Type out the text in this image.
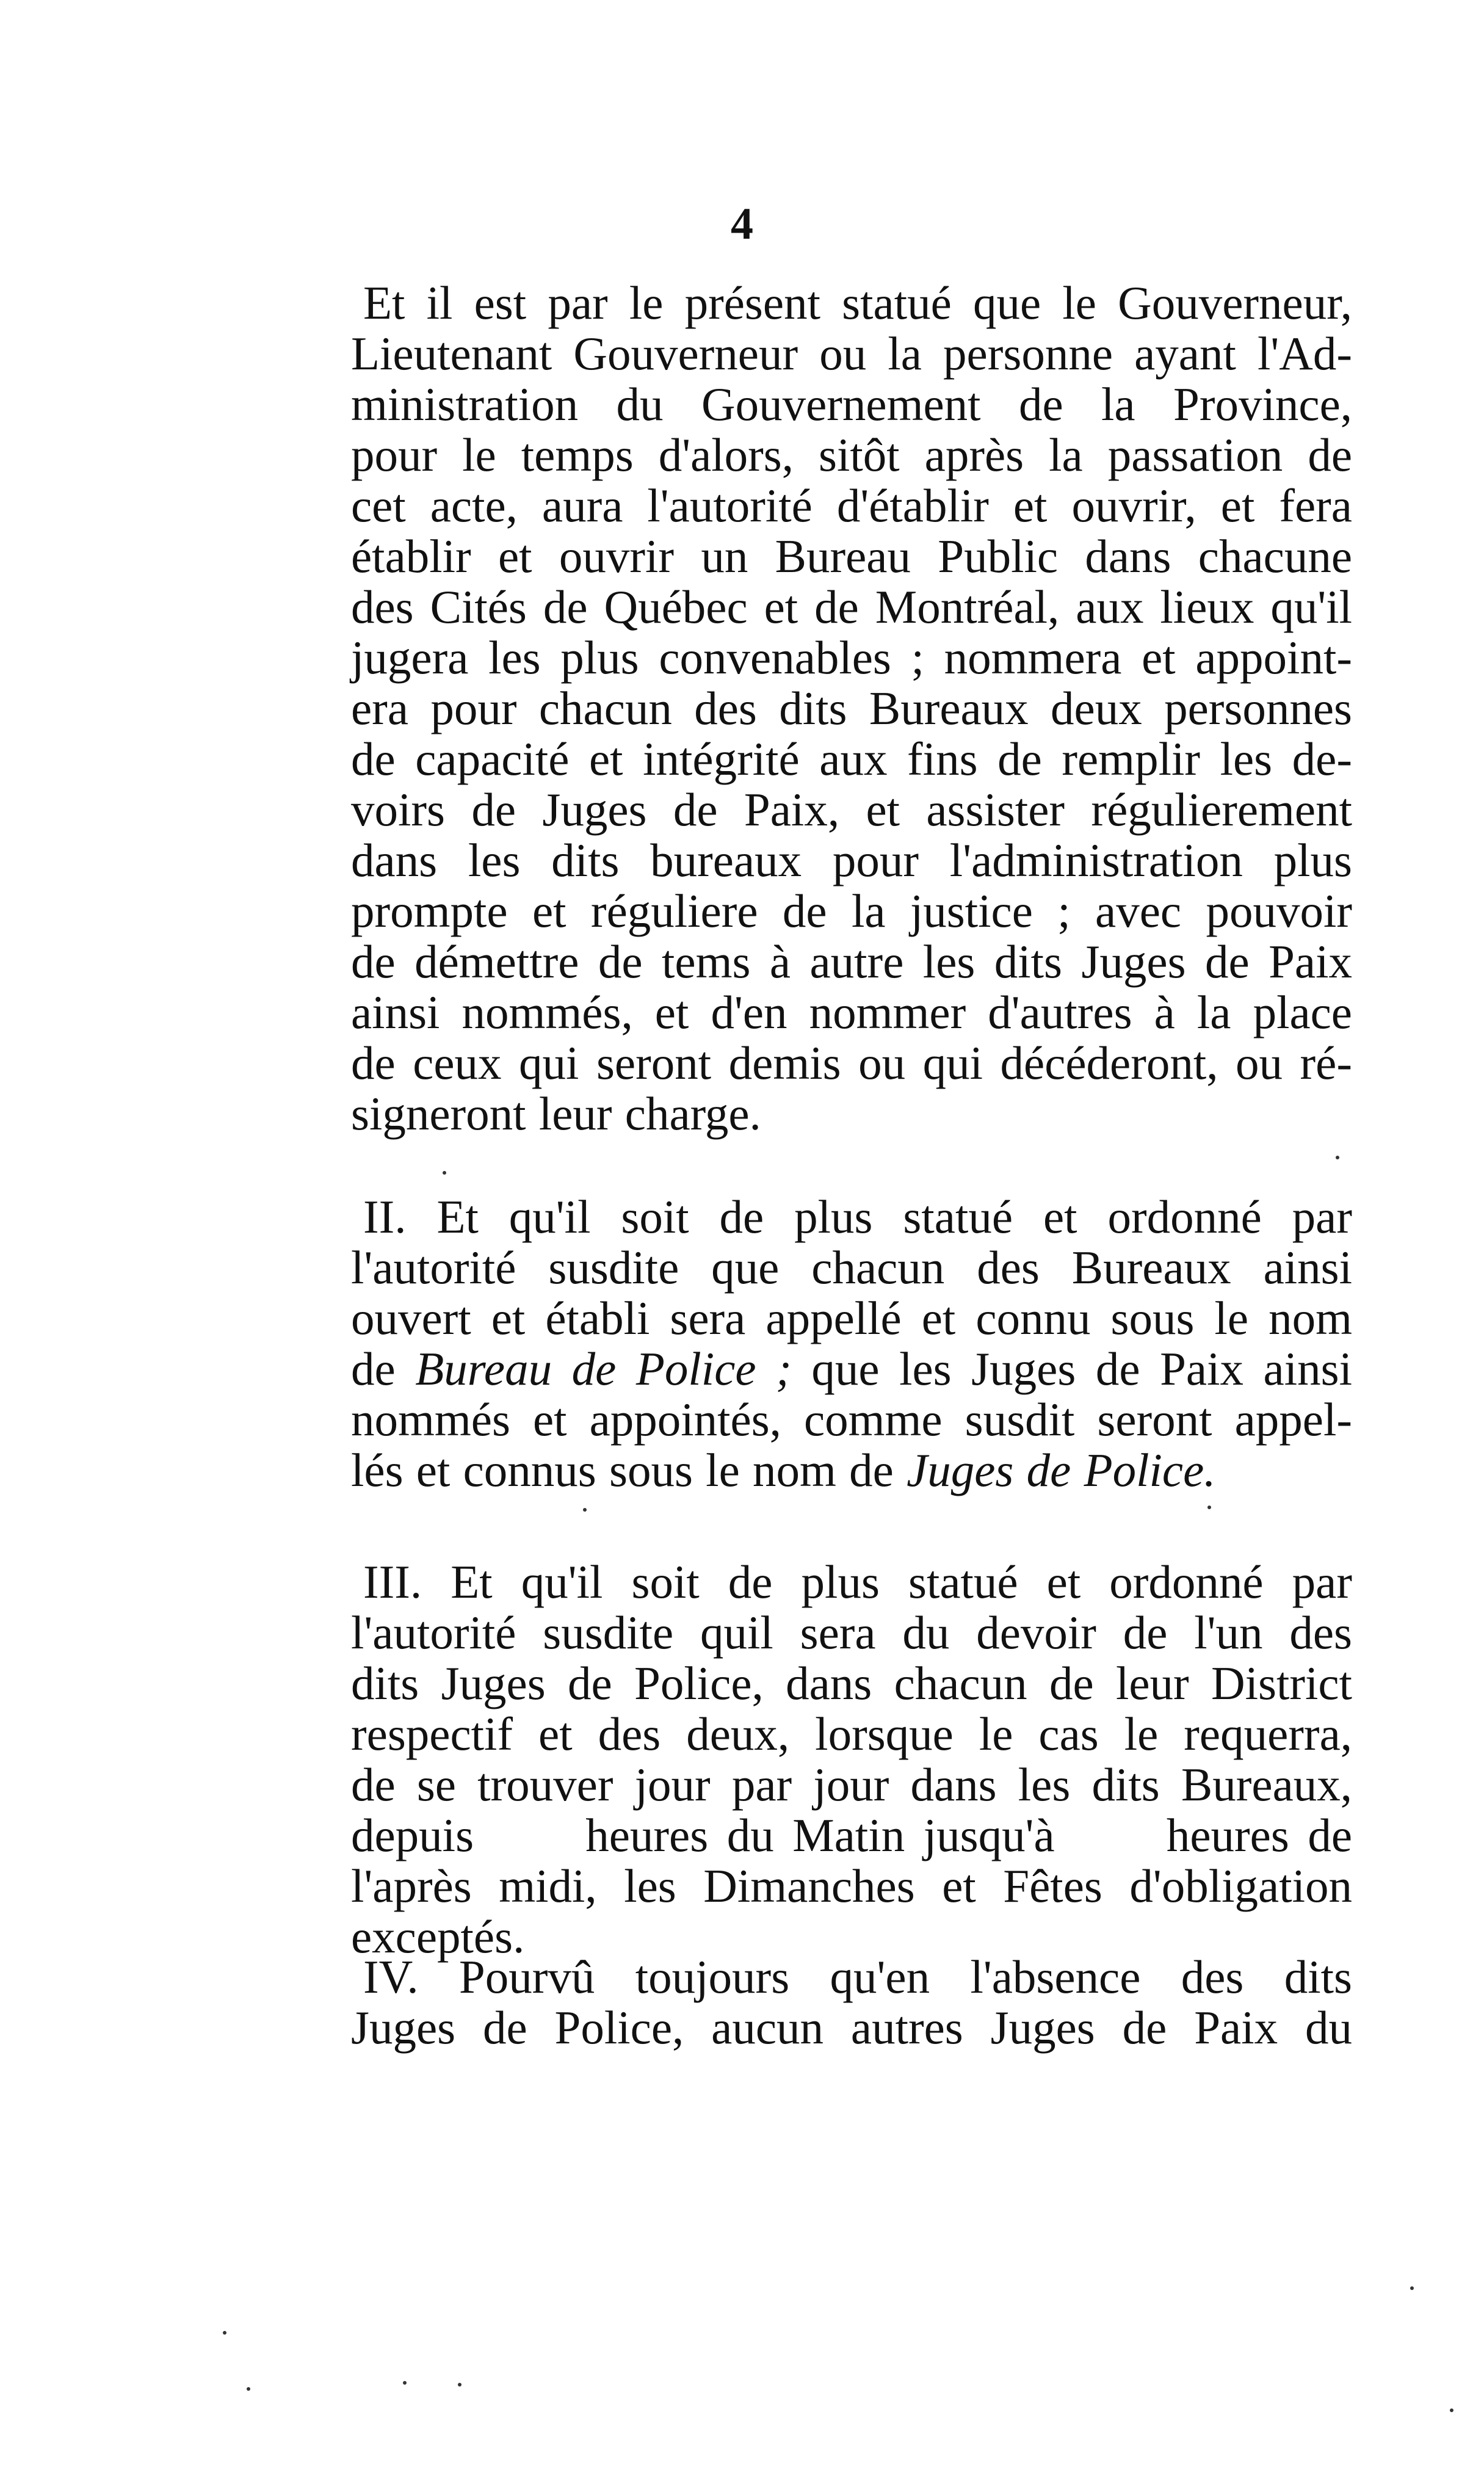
4
Et il est par le présent statué que le Gouverneur,
Lieutenant Gouverneur ou la personne ayant l'Ad-
ministration du Gouvernement de la Province,
pour le temps d'alors, sitôt après la passation de
cet acte, aura l'autorité d'établir et ouvrir, et fera
établir et ouvrir un Bureau Public dans chacune
des Cités de Québec et de Montréal, aux lieux qu'il
jugera les plus convenables ; nommera et appoint-
era pour chacun des dits Bureaux deux personnes
de capacité et intégrité aux fins de remplir les de-
voirs de Juges de Paix, et assister régulierement
dans les dits bureaux pour l'administration plus
prompte et réguliere de la justice ; avec pouvoir
de démettre de tems à autre les dits Juges de Paix
ainsi nommés, et d'en nommer d'autres à la place
de ceux qui seront demis ou qui décéderont, ou ré-
signeront leur charge.
II. Et qu'il soit de plus statué et ordonné par
l'autorité susdite que chacun des Bureaux ainsi
ouvert et établi sera appellé et connu sous le nom
de Bureau de Police ; que les Juges de Paix ainsi
nommés et appointés, comme susdit seront appel-
lés et connus sous le nom de Juges de Police.
III. Et qu'il soit de plus statué et ordonné par
l'autorité susdite quil sera du devoir de l'un des
dits Juges de Police, dans chacun de leur District
respectif et des deux, lorsque le cas le requerra,
de se trouver jour par jour dans les dits Bureaux,
depuis      heures du Matin jusqu'à      heures de
l'après midi, les Dimanches et Fêtes d'obligation
exceptés.
IV. Pourvû toujours qu'en l'absence des dits
Juges de Police, aucun autres Juges de Paix du
